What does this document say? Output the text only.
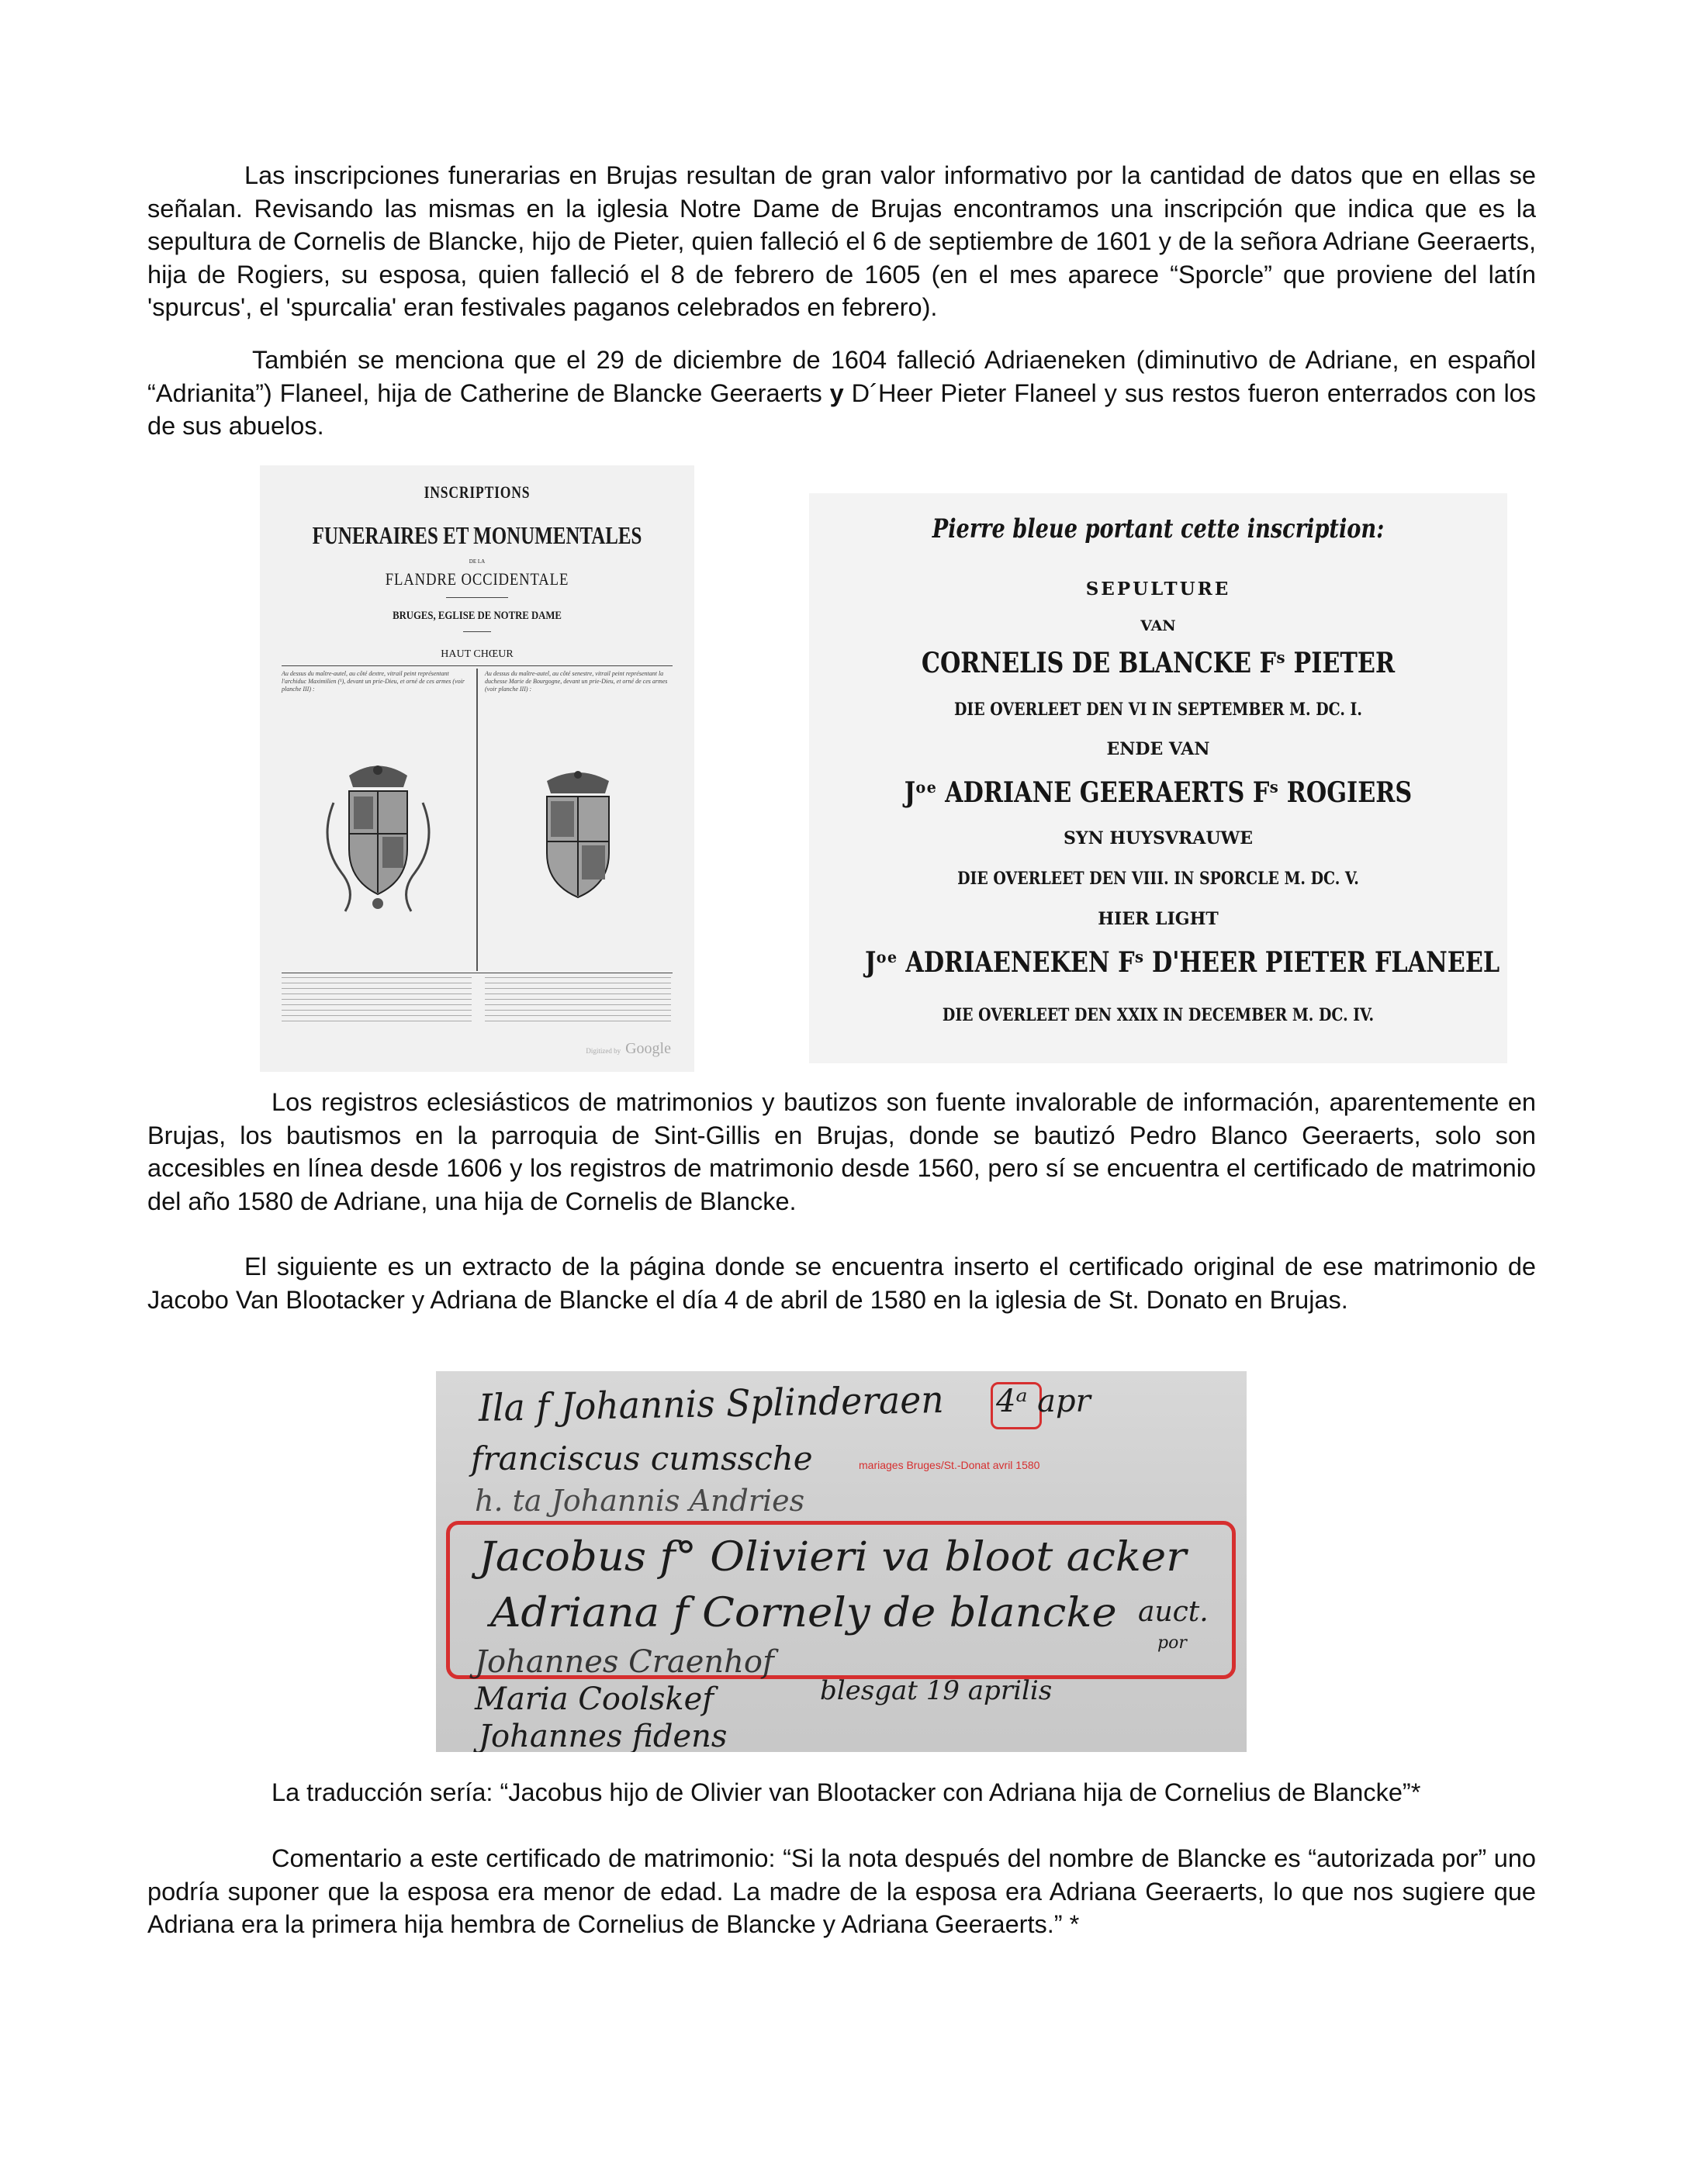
Las inscripciones funerarias en Brujas resultan de gran valor informativo por la cantidad de datos que en ellas se señalan. Revisando las mismas en la iglesia Notre Dame de Brujas encontramos una inscripción que indica que es la sepultura de Cornelis de Blancke, hijo de Pieter, quien falleció el 6 de septiembre de 1601 y de la señora Adriane Geeraerts, hija de Rogiers, su esposa, quien falleció el 8 de febrero de 1605 (en el mes aparece “Sporcle” que proviene del latín 'spurcus', el 'spurcalia' eran festivales paganos celebrados en febrero).

También se menciona que el 29 de diciembre de 1604 falleció Adriaeneken (diminutivo de Adriane, en español “Adrianita”) Flaneel, hija de Catherine de Blancke Geeraerts y D´Heer Pieter Flaneel y sus restos fueron enterrados con los de sus abuelos.

INSCRIPTIONS
FUNERAIRES ET MONUMENTALES
DE LA
FLANDRE OCCIDENTALE
BRUGES, EGLISE DE NOTRE DAME
HAUT CHŒUR
Au dessus du maître-autel, au côté dextre, vitrail peint représentant l'archiduc Maximilien (¹), devant un prie-Dieu, et orné de ces armes (voir planche III) :
Au dessus du maître-autel, au côté senestre, vitrail peint représentant la duchesse Marie de Bourgogne, devant un prie-Dieu, et orné de ces armes (voir planche III) :
Digitized by Google
Pierre bleue portant cette inscription:
SEPULTURE
VAN
CORNELIS DE BLANCKE Fˢ PIETER
DIE OVERLEET DEN VI IN SEPTEMBER M. DC. I.
ENDE VAN
Jᵒᵉ ADRIANE GEERAERTS Fˢ ROGIERS
SYN HUYSVRAUWE
DIE OVERLEET DEN VIII. IN SPORCLE M. DC. V.
HIER LIGHT
Jᵒᵉ ADRIAENEKEN Fˢ D'HEER PIETER FLANEEL
DIE OVERLEET DEN XXIX IN DECEMBER M. DC. IV.

Los registros eclesiásticos de matrimonios y bautizos son fuente invalorable de información, aparentemente en Brujas, los bautismos en la parroquia de Sint-Gillis en Brujas, donde se bautizó Pedro Blanco Geeraerts, solo son accesibles en línea desde 1606 y los registros de matrimonio desde 1560, pero sí se encuentra el certificado de matrimonio del año 1580 de Adriane, una hija de Cornelis de Blancke.

El siguiente es un extracto de la página donde se encuentra inserto el certificado original de ese matrimonio de Jacobo Van Blootacker y Adriana de Blancke el día 4 de abril de 1580 en la iglesia de St. Donato en Brujas.

Ila f Johannis Splinderaen 4ᵃ apr
franciscus cumssche	mariages Bruges/St.-Donat avril 1580
h. ta Johannis Andries
Jacobus f° Olivieri va bloot acker
Adriana f Cornely de blancke auct.
por
Johannes Craenhof
Maria Coolskef	blesgat 19 aprilis
Johannes fidens

La traducción sería: “Jacobus hijo de Olivier van Blootacker con Adriana hija de Cornelius de Blancke”*

Comentario a este certificado de matrimonio: “Si la nota después del nombre de Blancke es “autorizada por” uno podría suponer que la esposa era menor de edad. La madre de la esposa era Adriana Geeraerts, lo que nos sugiere que Adriana era la primera hija hembra de Cornelius de Blancke y Adriana Geeraerts.” *
